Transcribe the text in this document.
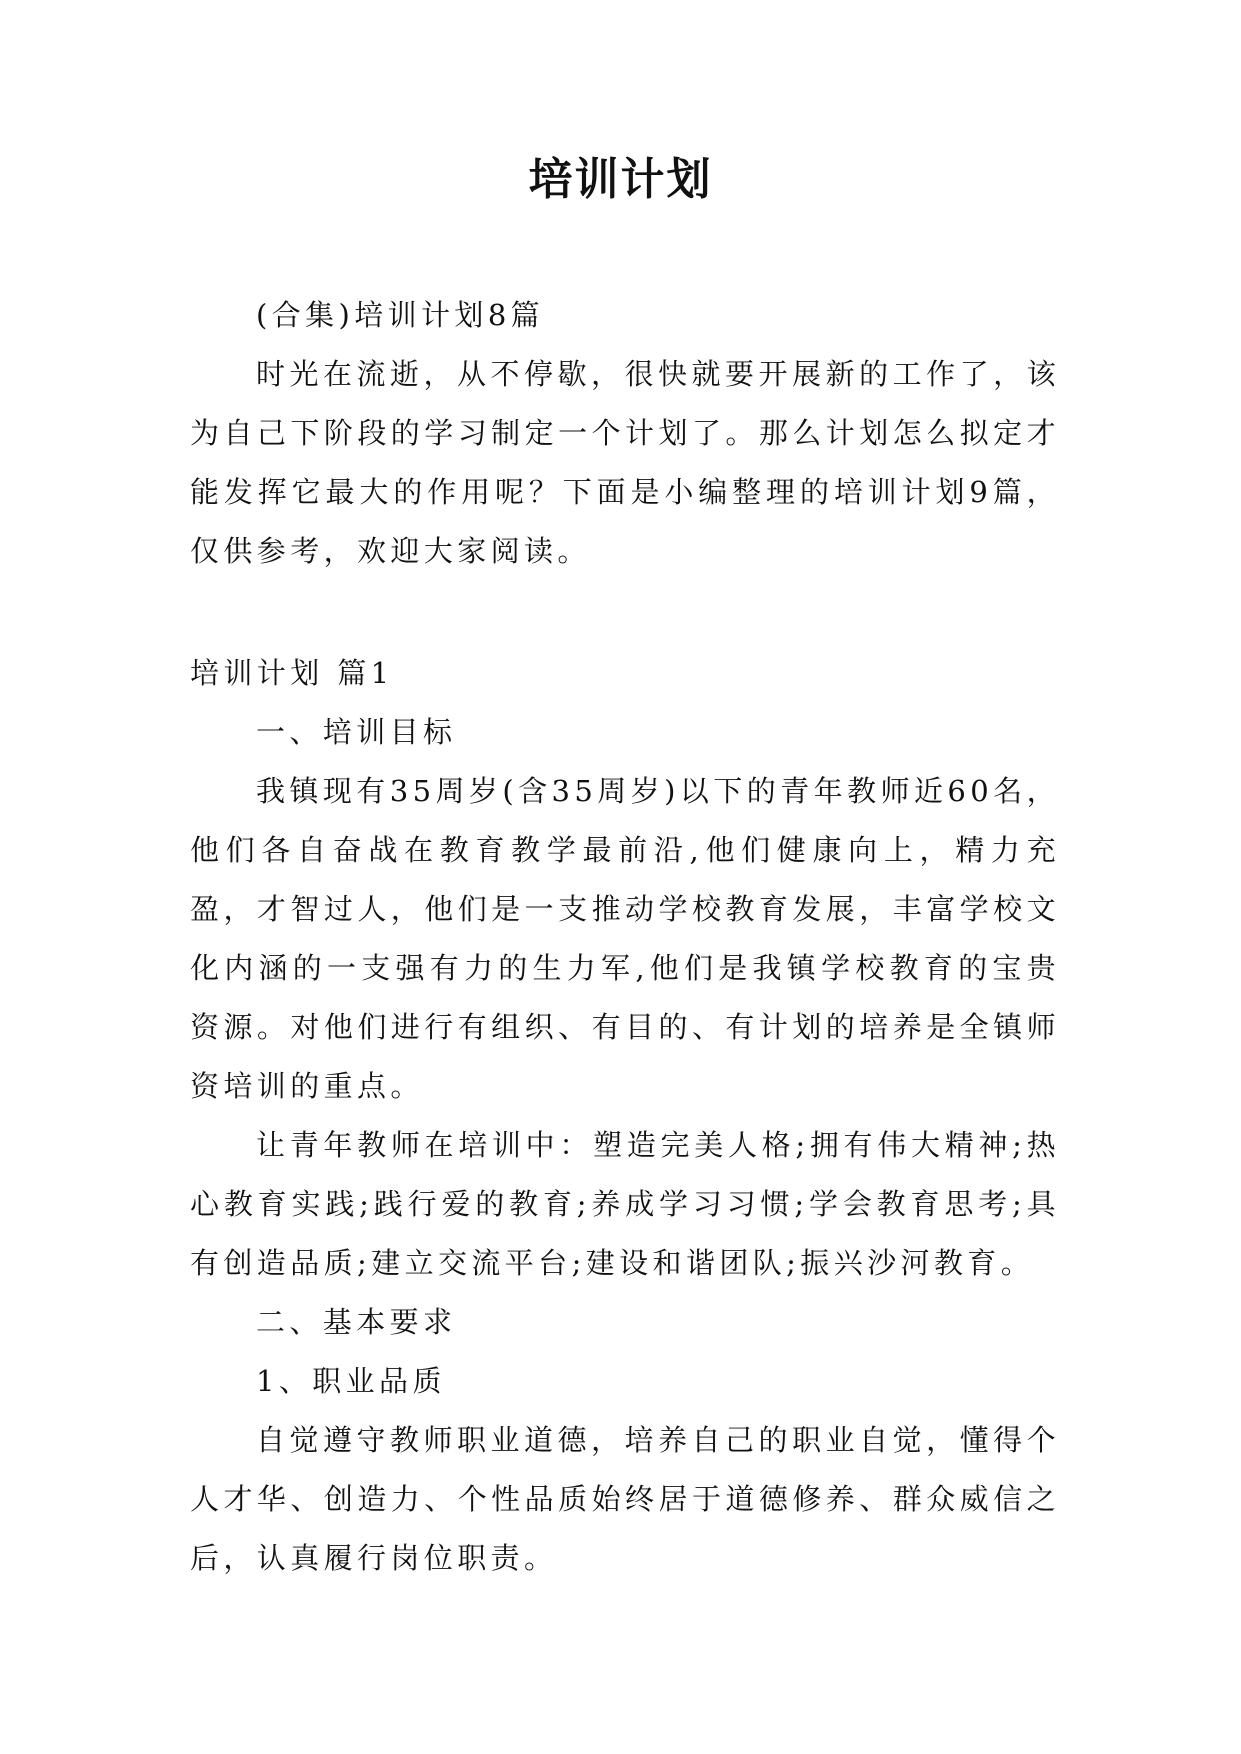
培训计划

(合集)培训计划8篇

时光在流逝，从不停歇，很快就要开展新的工作了，该为自己下阶段的学习制定一个计划了。那么计划怎么拟定才能发挥它最大的作用呢？下面是小编整理的培训计划9篇，仅供参考，欢迎大家阅读。

培训计划 篇1

一、培训目标

我镇现有35周岁(含35周岁)以下的青年教师近60名，他们各自奋战在教育教学最前沿,他们健康向上，精力充盈，才智过人，他们是一支推动学校教育发展，丰富学校文化内涵的一支强有力的生力军,他们是我镇学校教育的宝贵资源。对他们进行有组织、有目的、有计划的培养是全镇师资培训的重点。

让青年教师在培训中：塑造完美人格;拥有伟大精神;热心教育实践;践行爱的教育;养成学习习惯;学会教育思考;具有创造品质;建立交流平台;建设和谐团队;振兴沙河教育。

二、基本要求

1、职业品质

自觉遵守教师职业道德，培养自己的职业自觉，懂得个人才华、创造力、个性品质始终居于道德修养、群众威信之后，认真履行岗位职责。
